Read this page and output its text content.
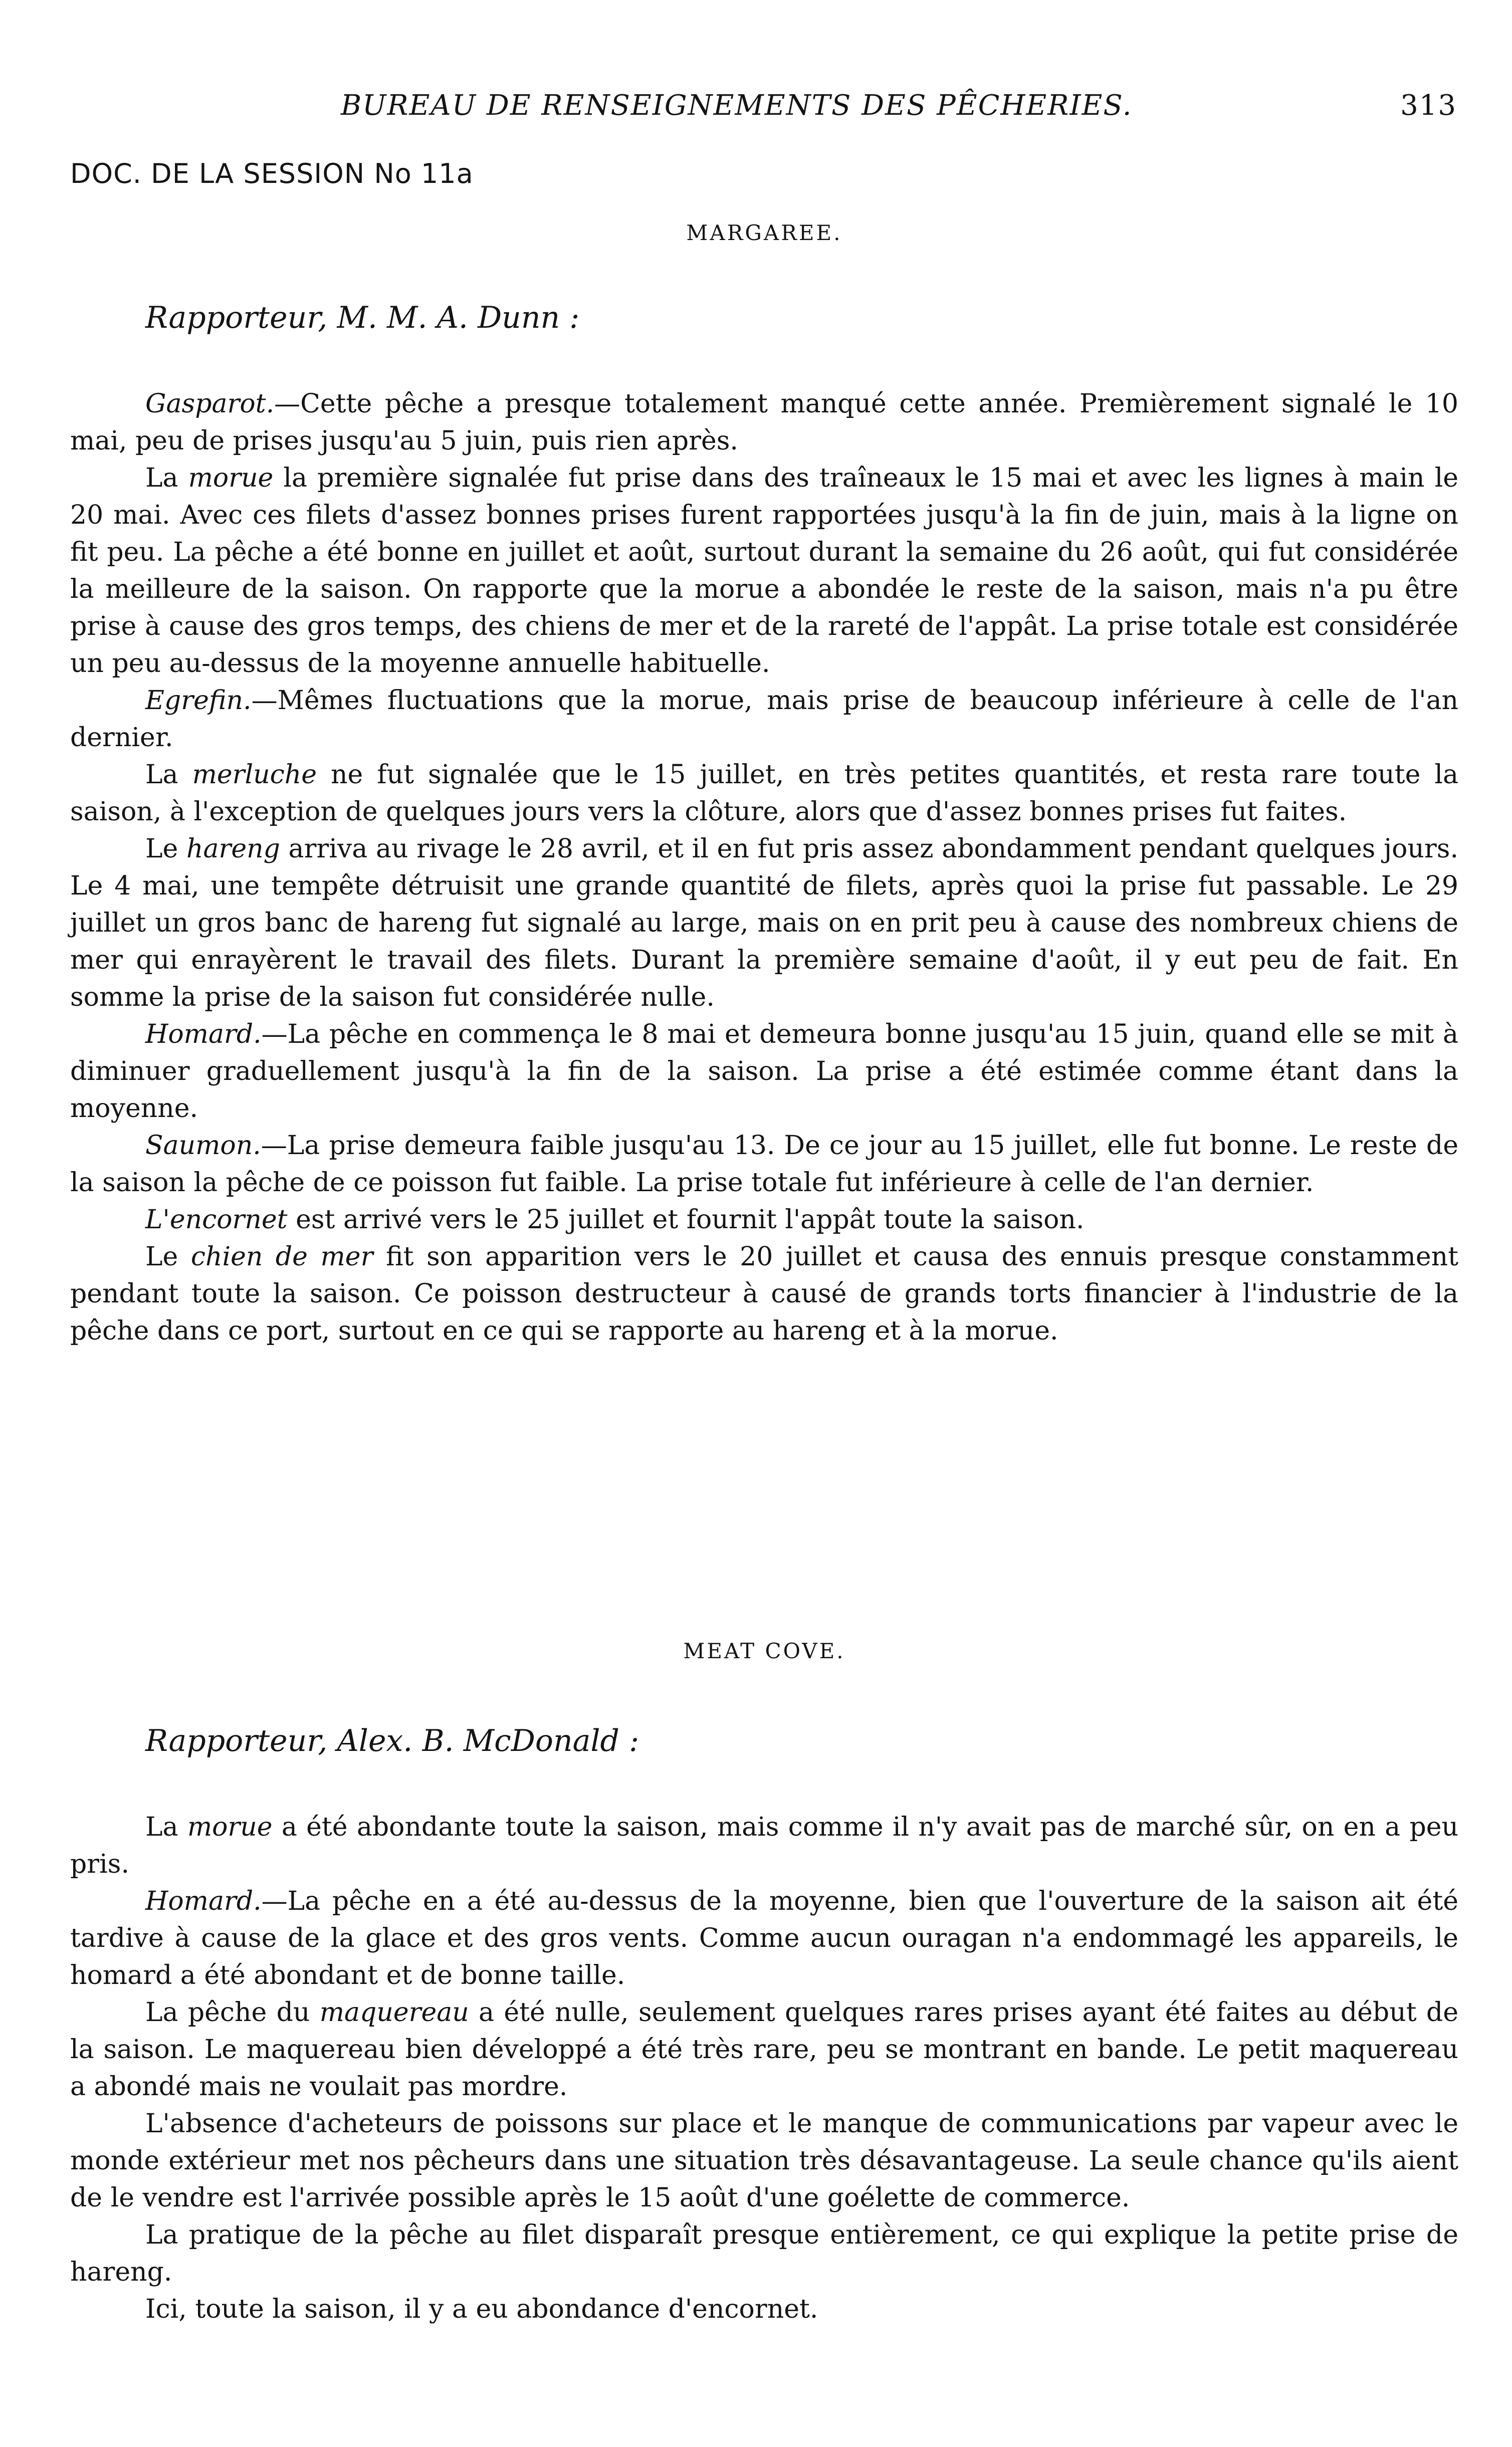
BUREAU DE RENSEIGNEMENTS DES PÊCHERIES.	313
DOC. DE LA SESSION No 11a
MARGAREE.

Rapporteur, M. M. A. Dunn :

Gasparot.—Cette pêche a presque totalement manqué cette année. Premièrement signalé le 10 mai, peu de prises jusqu'au 5 juin, puis rien après.

La morue la première signalée fut prise dans des traîneaux le 15 mai et avec les lignes à main le 20 mai. Avec ces filets d'assez bonnes prises furent rapportées jusqu'à la fin de juin, mais à la ligne on fit peu. La pêche a été bonne en juillet et août, surtout durant la semaine du 26 août, qui fut considérée la meilleure de la saison. On rapporte que la morue a abondée le reste de la saison, mais n'a pu être prise à cause des gros temps, des chiens de mer et de la rareté de l'appât. La prise totale est considérée un peu au-dessus de la moyenne annuelle habituelle.

Egrefin.—Mêmes fluctuations que la morue, mais prise de beaucoup inférieure à celle de l'an dernier.

La merluche ne fut signalée que le 15 juillet, en très petites quantités, et resta rare toute la saison, à l'exception de quelques jours vers la clôture, alors que d'assez bonnes prises fut faites.

Le hareng arriva au rivage le 28 avril, et il en fut pris assez abondamment pendant quelques jours. Le 4 mai, une tempête détruisit une grande quantité de filets, après quoi la prise fut passable. Le 29 juillet un gros banc de hareng fut signalé au large, mais on en prit peu à cause des nombreux chiens de mer qui enrayèrent le travail des filets. Durant la première semaine d'août, il y eut peu de fait. En somme la prise de la saison fut considérée nulle.

Homard.—La pêche en commença le 8 mai et demeura bonne jusqu'au 15 juin, quand elle se mit à diminuer graduellement jusqu'à la fin de la saison. La prise a été estimée comme étant dans la moyenne.

Saumon.—La prise demeura faible jusqu'au 13. De ce jour au 15 juillet, elle fut bonne. Le reste de la saison la pêche de ce poisson fut faible. La prise totale fut inférieure à celle de l'an dernier.

L'encornet est arrivé vers le 25 juillet et fournit l'appât toute la saison.

Le chien de mer fit son apparition vers le 20 juillet et causa des ennuis presque constamment pendant toute la saison. Ce poisson destructeur à causé de grands torts financier à l'industrie de la pêche dans ce port, surtout en ce qui se rapporte au hareng et à la morue.

MEAT COVE.

Rapporteur, Alex. B. McDonald :

La morue a été abondante toute la saison, mais comme il n'y avait pas de marché sûr, on en a peu pris.

Homard.—La pêche en a été au-dessus de la moyenne, bien que l'ouverture de la saison ait été tardive à cause de la glace et des gros vents. Comme aucun ouragan n'a endommagé les appareils, le homard a été abondant et de bonne taille.

La pêche du maquereau a été nulle, seulement quelques rares prises ayant été faites au début de la saison. Le maquereau bien développé a été très rare, peu se montrant en bande. Le petit maquereau a abondé mais ne voulait pas mordre.

L'absence d'acheteurs de poissons sur place et le manque de communications par vapeur avec le monde extérieur met nos pêcheurs dans une situation très désavantageuse. La seule chance qu'ils aient de le vendre est l'arrivée possible après le 15 août d'une goélette de commerce.

La pratique de la pêche au filet disparaît presque entièrement, ce qui explique la petite prise de hareng.

Ici, toute la saison, il y a eu abondance d'encornet.
